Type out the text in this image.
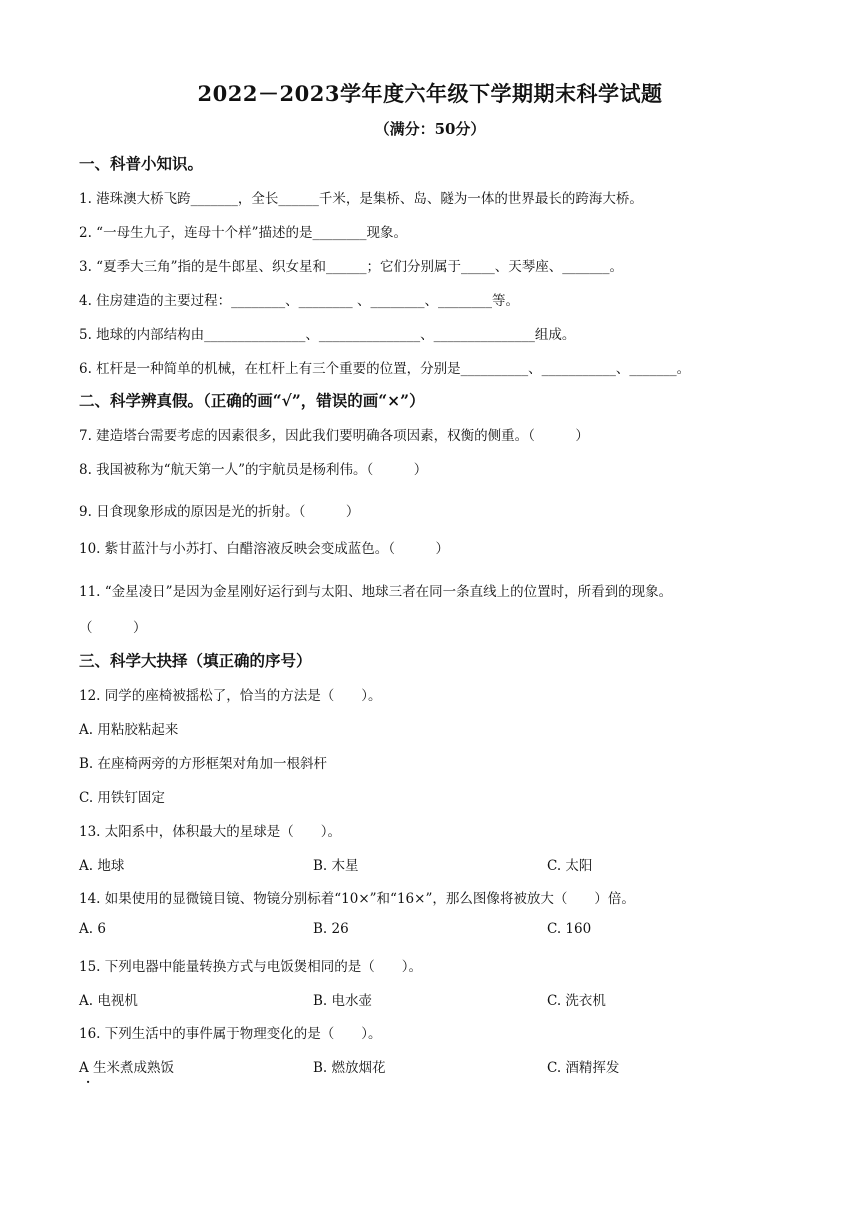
2022－2023学年度六年级下学期期末科学试题
（满分：50分）
一、科普小知识。
1. 港珠澳大桥飞跨_______，全长______千米，是集桥、岛、隧为一体的世界最长的跨海大桥。
2. “一母生九子，连母十个样”描述的是________现象。
3. “夏季大三角”指的是牛郎星、织女星和______；它们分别属于_____、天琴座、_______。
4. 住房建造的主要过程：________、________ 、________、________等。
5. 地球的内部结构由_______________、_______________、_______________组成。
6. 杠杆是一种简单的机械，在杠杆上有三个重要的位置，分别是__________、___________、_______。
二、科学辨真假。（正确的画“√”，错误的画“×”）
7. 建造塔台需要考虑的因素很多，因此我们要明确各项因素，权衡的侧重。（　　　）
8. 我国被称为“航天第一人”的宇航员是杨利伟。（　　　）
9. 日食现象形成的原因是光的折射。（　　　）
10. 紫甘蓝汁与小苏打、白醋溶液反映会变成蓝色。（　　　）
11. “金星凌日”是因为金星刚好运行到与太阳、地球三者在同一条直线上的位置时，所看到的现象。
（　　　）
三、科学大抉择（填正确的序号）
12. 同学的座椅被摇松了，恰当的方法是（　　）。
A. 用粘胶粘起来
B. 在座椅两旁的方形框架对角加一根斜杆
C. 用铁钉固定
13. 太阳系中，体积最大的星球是（　　）。
A. 地球	B. 木星	C. 太阳
14. 如果使用的显微镜目镜、物镜分别标着“10×”和“16×”，那么图像将被放大（　　）倍。
A. 6	B. 26	C. 160
15. 下列电器中能量转换方式与电饭煲相同的是（　　）。
A. 电视机	B. 电水壶	C. 洗衣机
16. 下列生活中的事件属于物理变化的是（　　）。
A 生米煮成熟饭	B. 燃放烟花	C. 酒精挥发
·
